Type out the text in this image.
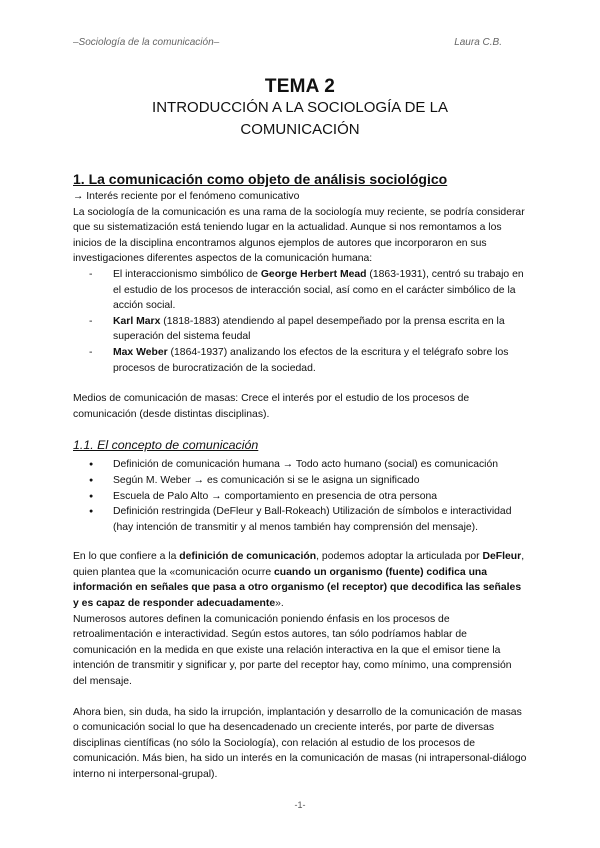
–Sociología de la comunicación–	Laura C.B.
TEMA 2
INTRODUCCIÓN A LA SOCIOLOGÍA DE LA COMUNICACIÓN
1. La comunicación como objeto de análisis sociológico

→ Interés reciente por el fenómeno comunicativo

La sociología de la comunicación es una rama de la sociología muy reciente, se podría considerar que su sistematización está teniendo lugar en la actualidad. Aunque si nos remontamos a los inicios de la disciplina encontramos algunos ejemplos de autores que incorporaron en sus investigaciones diferentes aspectos de la comunicación humana:

- El interaccionismo simbólico de George Herbert Mead (1863-1931), centró su trabajo en el estudio de los procesos de interacción social, así como en el carácter simbólico de la acción social.
- Karl Marx (1818-1883) atendiendo al papel desempeñado por la prensa escrita en la superación del sistema feudal
- Max Weber (1864-1937) analizando los efectos de la escritura y el telégrafo sobre los procesos de burocratización de la sociedad.

Medios de comunicación de masas: Crece el interés por el estudio de los procesos de comunicación (desde distintas disciplinas).

1.1. El concepto de comunicación
● Definición de comunicación humana → Todo acto humano (social) es comunicación
● Según M. Weber → es comunicación si se le asigna un significado
● Escuela de Palo Alto → comportamiento en presencia de otra persona
● Definición restringida (DeFleur y Ball-Rokeach) Utilización de símbolos e interactividad (hay intención de transmitir y al menos también hay comprensión del mensaje).

En lo que confiere a la definición de comunicación, podemos adoptar la articulada por DeFleur, quien plantea que la «comunicación ocurre cuando un organismo (fuente) codifica una información en señales que pasa a otro organismo (el receptor) que decodifica las señales y es capaz de responder adecuadamente».

Numerosos autores definen la comunicación poniendo énfasis en los procesos de retroalimentación e interactividad. Según estos autores, tan sólo podríamos hablar de comunicación en la medida en que existe una relación interactiva en la que el emisor tiene la intención de transmitir y significar y, por parte del receptor hay, como mínimo, una comprensión del mensaje.

Ahora bien, sin duda, ha sido la irrupción, implantación y desarrollo de la comunicación de masas o comunicación social lo que ha desencadenado un creciente interés, por parte de diversas disciplinas científicas (no sólo la Sociología), con relación al estudio de los procesos de comunicación. Más bien, ha sido un interés en la comunicación de masas (ni intrapersonal-diálogo interno ni interpersonal-grupal).

-1-
